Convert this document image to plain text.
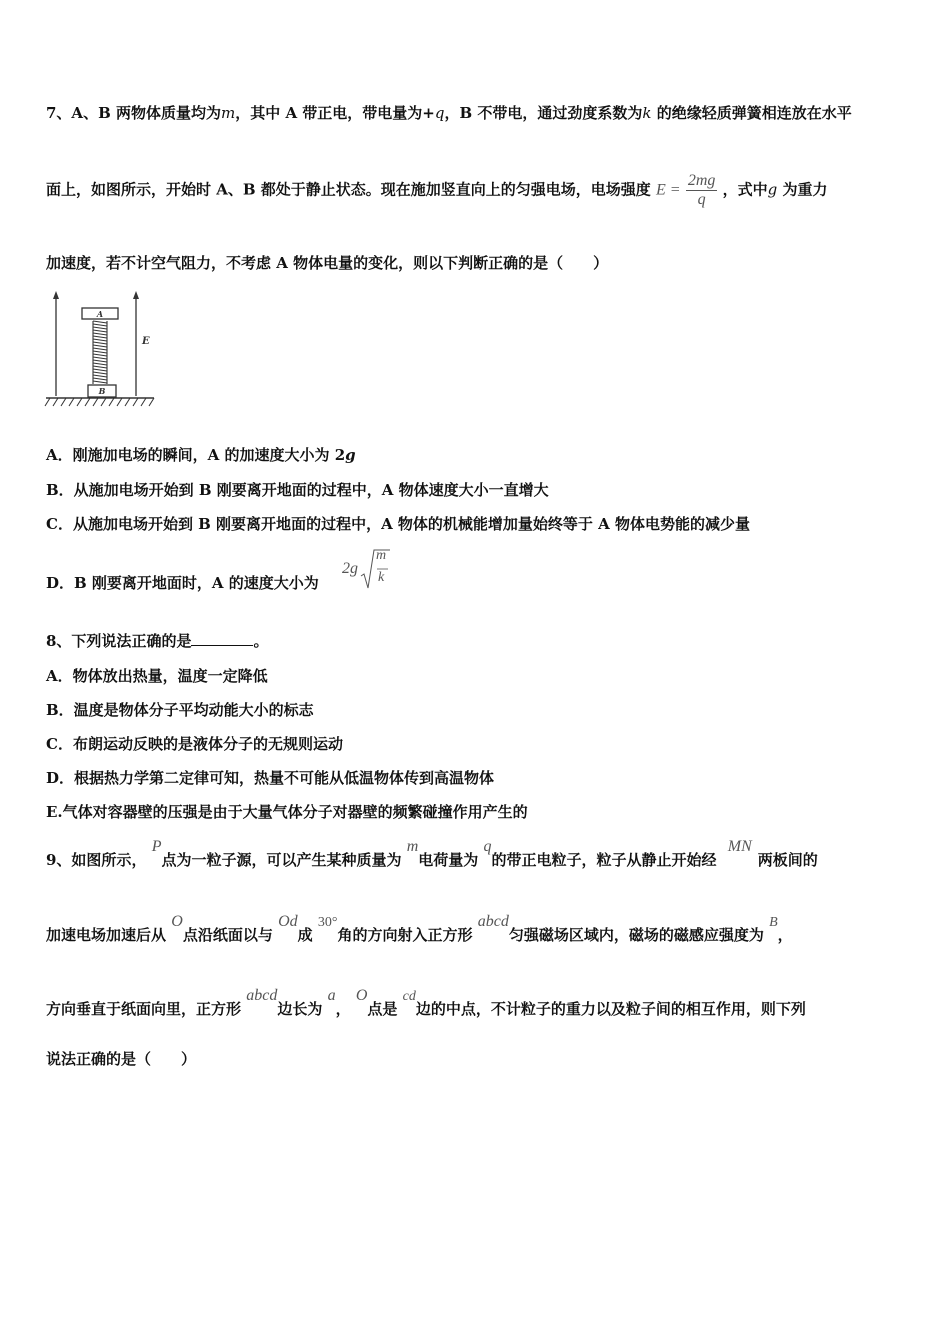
7、A、B 两物体质量均为m，其中 A 带正电，带电量为+q，B 不带电，通过劲度系数为k 的绝缘轻质弹簧相连放在水平
面上，如图所示，开始时 A、B 都处于静止状态。现在施加竖直向上的匀强电场，电场强度 $E = \frac{2mg}{q}$ ，式中g 为重力
加速度，若不计空气阻力，不考虑 A 物体电量的变化，则以下判断正确的是（　　）
A
B
E
A．刚施加电场的瞬间，A 的加速度大小为 2g
B．从施加电场开始到 B 刚要离开地面的过程中，A 物体速度大小一直增大
C．从施加电场开始到 B 刚要离开地面的过程中，A 物体的机械能增加量始终等于 A 物体电势能的减少量
D．B 刚要离开地面时，A 的速度大小为
2g
m
k
8、下列说法正确的是	。
A．物体放出热量，温度一定降低
B．温度是物体分子平均动能大小的标志
C．布朗运动反映的是液体分子的无规则运动
D．根据热力学第二定律可知，热量不可能从低温物体传到高温物体
E.气体对容器壁的压强是由于大量气体分子对器壁的频繁碰撞作用产生的
9、如图所示， P点为一粒子源，可以产生某种质量为 m电荷量为 q的带正电粒子，粒子从静止开始经 MN两板间的
加速电场加速后从 O点沿纸面以与 Od成 30°角的方向射入正方形 abcd匀强磁场区域内，磁场的磁感应强度为 B，
方向垂直于纸面向里，正方形 abcd边长为 a， O点是 cd边的中点，不计粒子的重力以及粒子间的相互作用，则下列
说法正确的是（　　）
